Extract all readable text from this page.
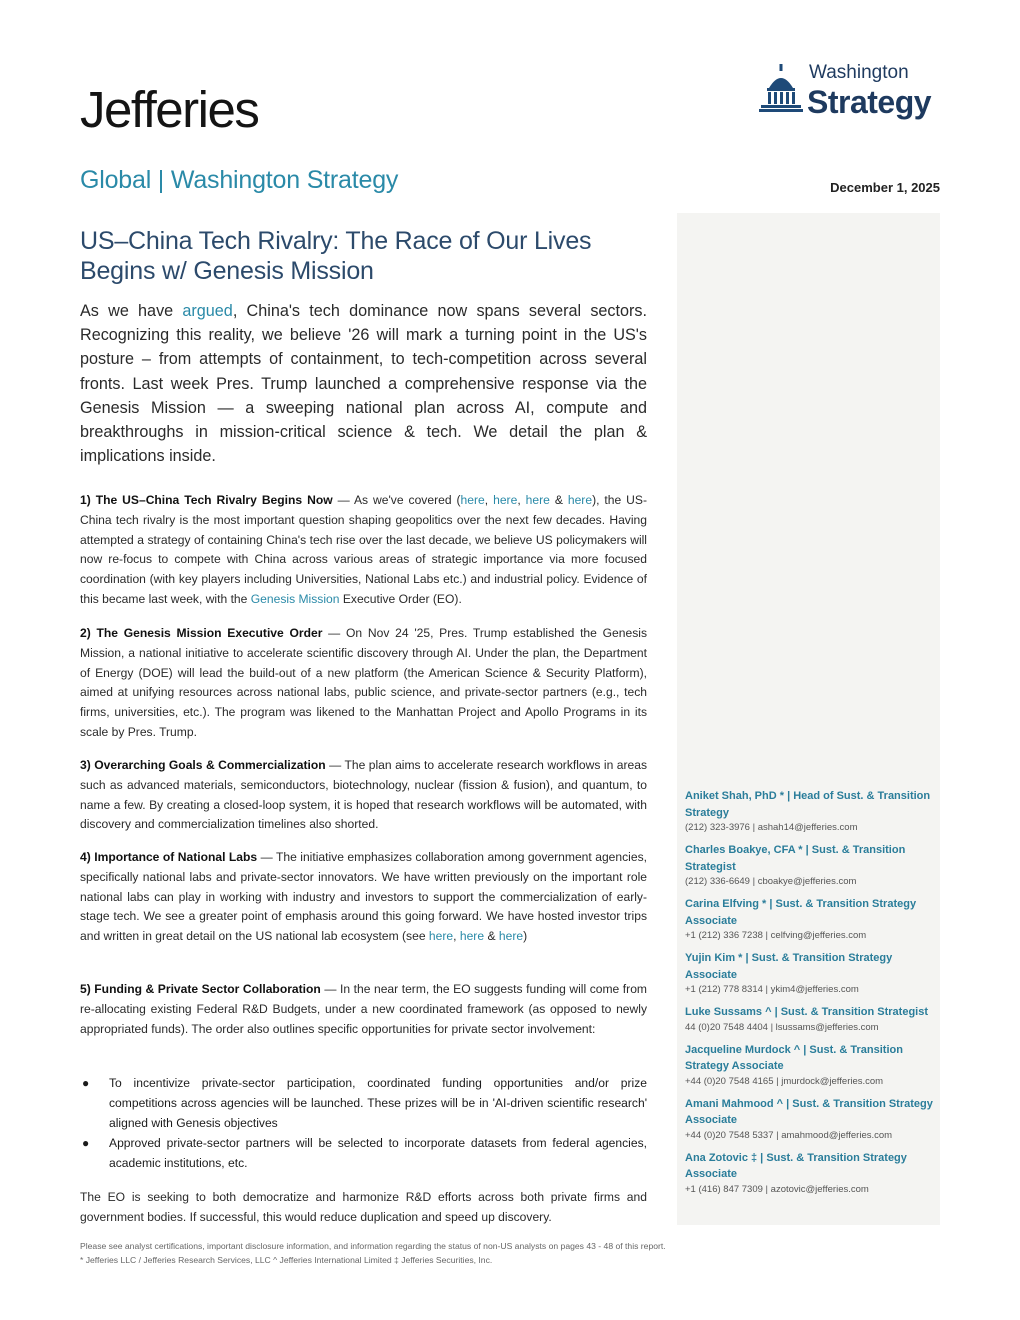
Jefferies
Washington
Strategy
Global | Washington Strategy	December 1, 2025
US–China Tech Rivalry: The Race of Our Lives Begins w/ Genesis Mission
As we have argued, China's tech dominance now spans several sectors. Recognizing this reality, we believe '26 will mark a turning point in the US's posture – from attempts of containment, to tech-competition across several fronts. Last week Pres. Trump launched a comprehensive response via the Genesis Mission — a sweeping national plan across AI, compute and breakthroughs in mission-critical science & tech. We detail the plan & implications inside.
1) The US–China Tech Rivalry Begins Now — As we've covered (here, here, here & here), the US-China tech rivalry is the most important question shaping geopolitics over the next few decades. Having attempted a strategy of containing China's tech rise over the last decade, we believe US policymakers will now re-focus to compete with China across various areas of strategic importance via more focused coordination (with key players including Universities, National Labs etc.) and industrial policy. Evidence of this became last week, with the Genesis Mission Executive Order (EO).
2) The Genesis Mission Executive Order — On Nov 24 '25, Pres. Trump established the Genesis Mission, a national initiative to accelerate scientific discovery through AI. Under the plan, the Department of Energy (DOE) will lead the build-out of a new platform (the American Science & Security Platform), aimed at unifying resources across national labs, public science, and private-sector partners (e.g., tech firms, universities, etc.). The program was likened to the Manhattan Project and Apollo Programs in its scale by Pres. Trump.
3) Overarching Goals & Commercialization — The plan aims to accelerate research workflows in areas such as advanced materials, semiconductors, biotechnology, nuclear (fission & fusion), and quantum, to name a few. By creating a closed-loop system, it is hoped that research workflows will be automated, with discovery and commercialization timelines also shorted.
4) Importance of National Labs — The initiative emphasizes collaboration among government agencies, specifically national labs and private-sector innovators. We have written previously on the important role national labs can play in working with industry and investors to support the commercialization of early-stage tech. We see a greater point of emphasis around this going forward. We have hosted investor trips and written in great detail on the US national lab ecosystem (see here, here & here)
5) Funding & Private Sector Collaboration — In the near term, the EO suggests funding will come from re-allocating existing Federal R&D Budgets, under a new coordinated framework (as opposed to newly appropriated funds). The order also outlines specific opportunities for private sector involvement:
● To incentivize private-sector participation, coordinated funding opportunities and/or prize competitions across agencies will be launched. These prizes will be in 'AI-driven scientific research' aligned with Genesis objectives
● Approved private-sector partners will be selected to incorporate datasets from federal agencies, academic institutions, etc.
The EO is seeking to both democratize and harmonize R&D efforts across both private firms and government bodies. If successful, this would reduce duplication and speed up discovery.
Aniket Shah, PhD * | Head of Sust. & Transition Strategy
(212) 323-3976 | ashah14@jefferies.com
Charles Boakye, CFA * | Sust. & Transition Strategist
(212) 336-6649 | cboakye@jefferies.com
Carina Elfving * | Sust. & Transition Strategy Associate
+1 (212) 336 7238 | celfving@jefferies.com
Yujin Kim * | Sust. & Transition Strategy Associate
+1 (212) 778 8314 | ykim4@jefferies.com
Luke Sussams ^ | Sust. & Transition Strategist
44 (0)20 7548 4404 | lsussams@jefferies.com
Jacqueline Murdock ^ | Sust. & Transition Strategy Associate
+44 (0)20 7548 4165 | jmurdock@jefferies.com
Amani Mahmood ^ | Sust. & Transition Strategy Associate
+44 (0)20 7548 5337 | amahmood@jefferies.com
Ana Zotovic ‡ | Sust. & Transition Strategy Associate
+1 (416) 847 7309 | azotovic@jefferies.com
Please see analyst certifications, important disclosure information, and information regarding the status of non-US analysts on pages 43 - 48 of this report.
* Jefferies LLC / Jefferies Research Services, LLC ^ Jefferies International Limited ‡ Jefferies Securities, Inc.
